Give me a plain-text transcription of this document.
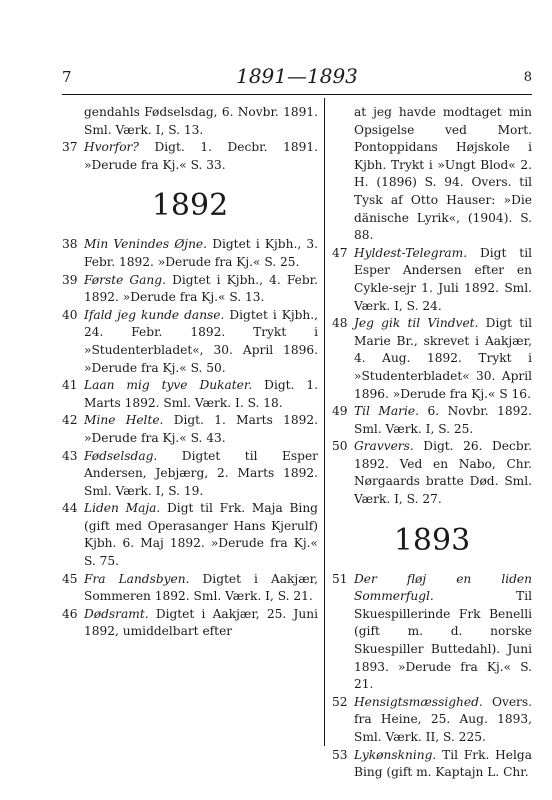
7	1891—1893	8
gendahls Fødselsdag, 6. Novbr. 1891. Sml. Værk. I, S. 13.
37 Hvorfor? Digt. 1. Decbr. 1891. »Derude fra Kj.« S. 33.
1892
38 Min Venindes Øjne. Digtet i Kjbh., 3. Febr. 1892. »Derude fra Kj.« S. 25.
39 Første Gang. Digtet i Kjbh., 4. Febr. 1892. »Derude fra Kj.« S. 13.
40 Ifald jeg kunde danse. Digtet i Kjbh., 24. Febr. 1892. Trykt i »Studenterbladet«, 30. April 1896. »Derude fra Kj.« S. 50.
41 Laan mig tyve Dukater. Digt. 1. Marts 1892. Sml. Værk. I. S. 18.
42 Mine Helte. Digt. 1. Marts 1892. »Derude fra Kj.« S. 43.
43 Fødselsdag. Digtet til Esper Andersen, Jebjærg, 2. Marts 1892. Sml. Værk. I, S. 19.
44 Liden Maja. Digt til Frk. Maja Bing (gift med Operasanger Hans Kjerulf) Kjbh. 6. Maj 1892. »Derude fra Kj.« S. 75.
45 Fra Landsbyen. Digtet i Aakjær, Sommeren 1892. Sml. Værk. I, S. 21.
46 Dødsramt. Digtet i Aakjær, 25. Juni 1892, umiddelbart efter
at jeg havde modtaget min Opsigelse ved Mort. Pontoppidans Højskole i Kjbh. Trykt i »Ungt Blod« 2. H. (1896) S. 94. Overs. til Tysk af Otto Hauser: »Die dänische Lyrik«, (1904). S. 88.
47 Hyldest-Telegram. Digt til Esper Andersen efter en Cykle-sejr 1. Juli 1892. Sml. Værk. I, S. 24.
48 Jeg gik til Vindvet. Digt til Marie Br., skrevet i Aakjær, 4. Aug. 1892. Trykt i »Studenterbladet« 30. April 1896. »Derude fra Kj.« S 16.
49 Til Marie. 6. Novbr. 1892. Sml. Værk. I, S. 25.
50 Gravvers. Digt. 26. Decbr. 1892. Ved en Nabo, Chr. Nørgaards bratte Død. Sml. Værk. I, S. 27.
1893
51 Der fløj en liden Sommerfugl. Til Skuespillerinde Frk Benelli (gift m. d. norske Skuespiller Buttedahl). Juni 1893. »Derude fra Kj.« S. 21.
52 Hensigtsmæssighed. Overs. fra Heine, 25. Aug. 1893, Sml. Værk. II, S. 225.
53 Lykønskning. Til Frk. Helga Bing (gift m. Kaptajn L. Chr.
